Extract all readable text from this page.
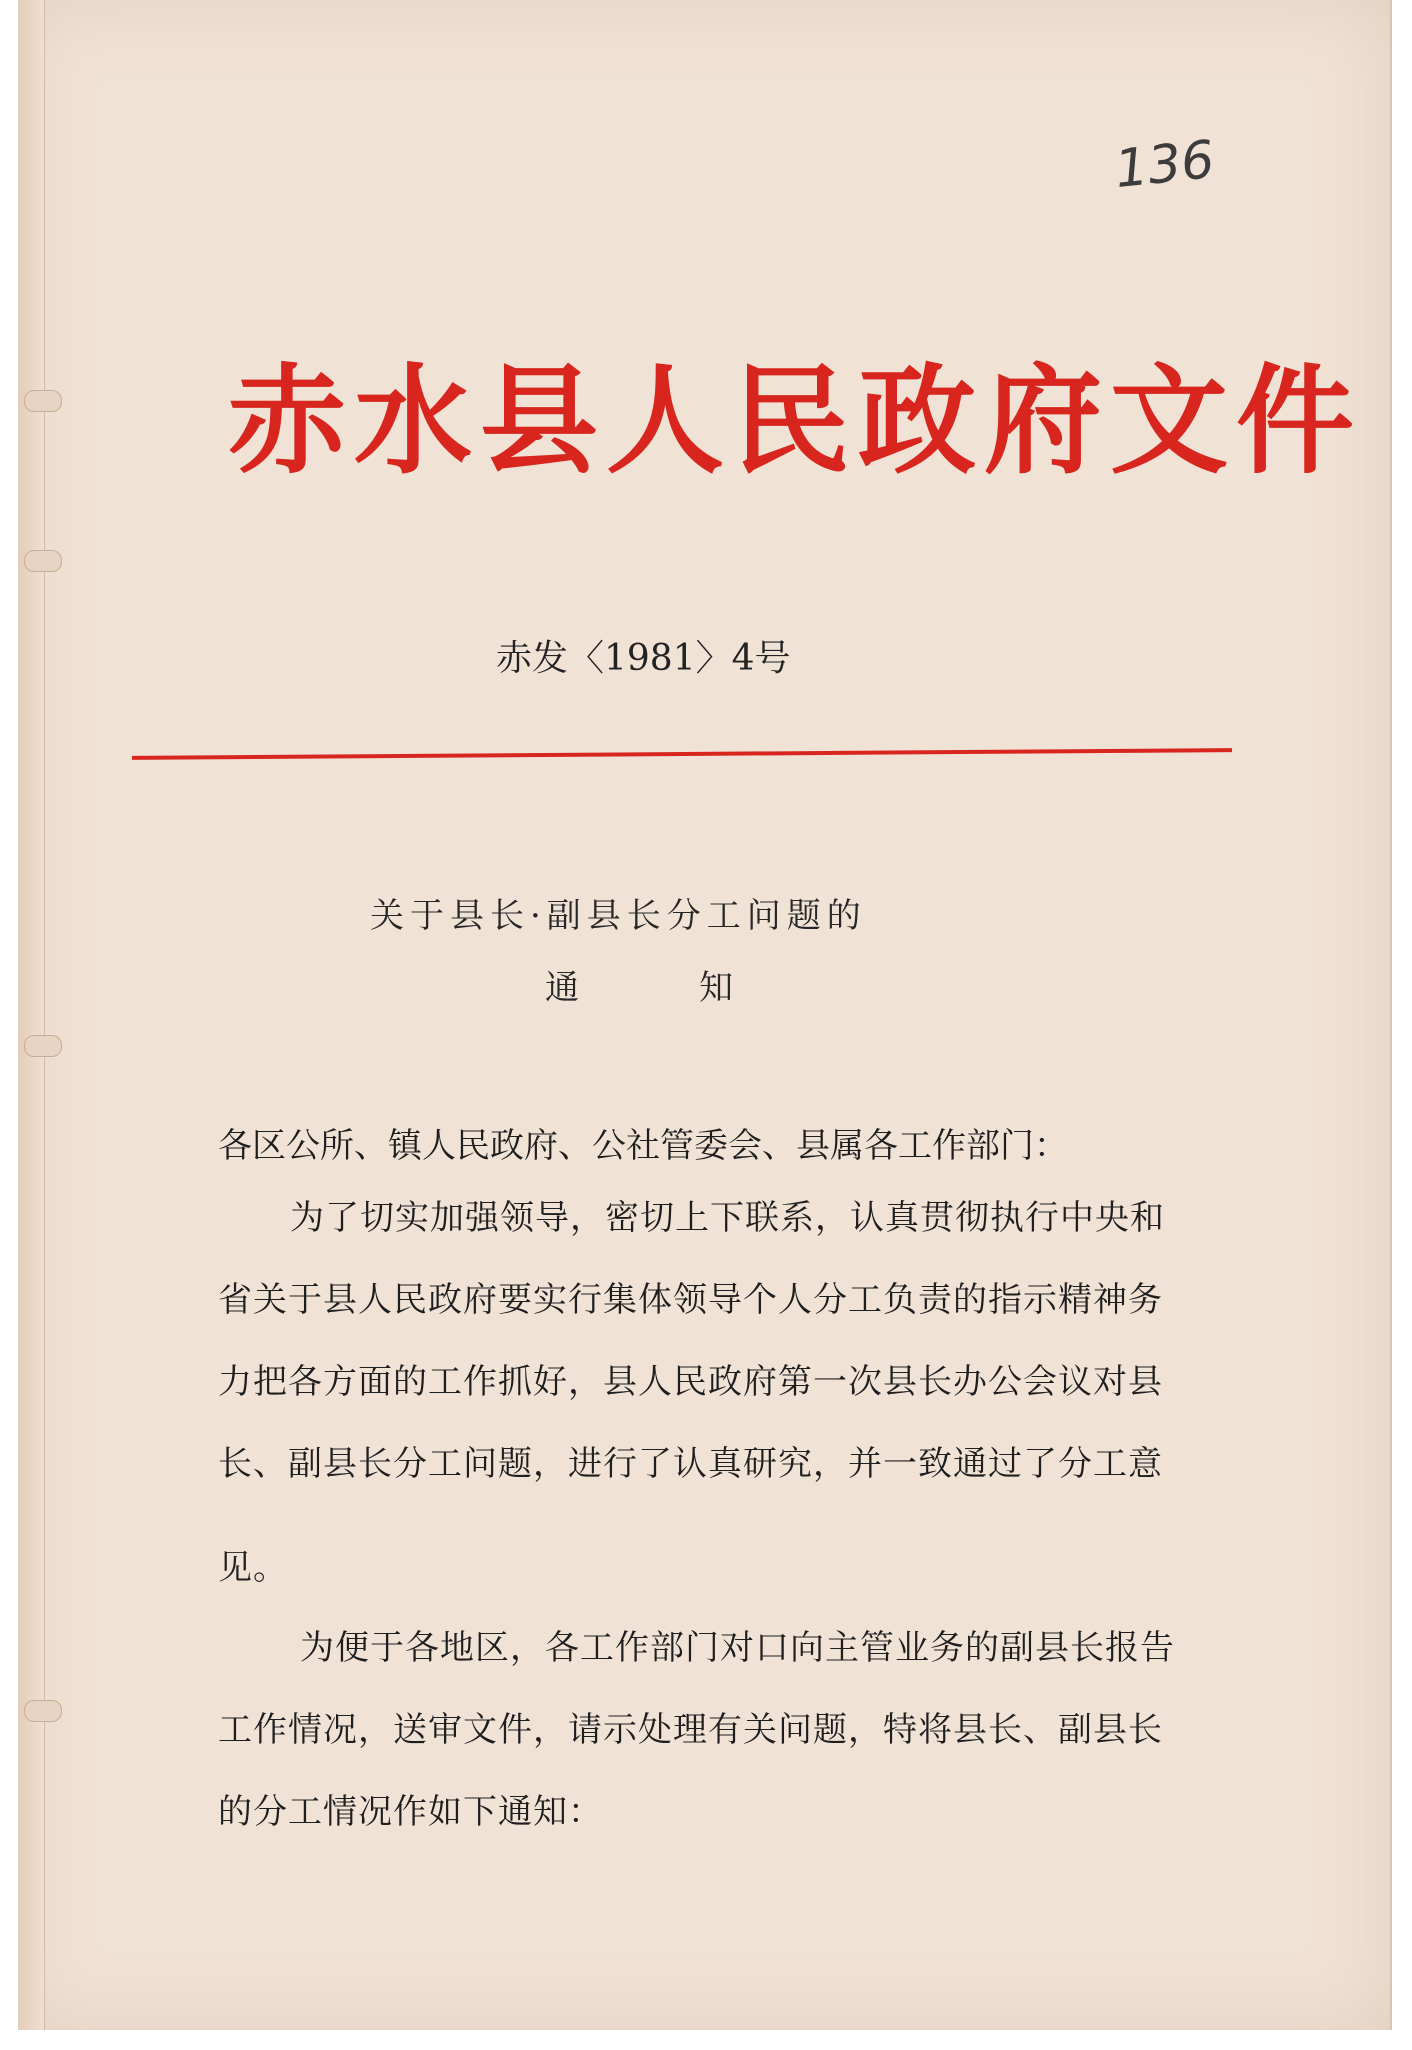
136
赤水县人民政府文件
赤发〈1981〉4号
关于县长·副县长分工问题的
通知
各区公所、镇人民政府、公社管委会、县属各工作部门：
为了切实加强领导，密切上下联系，认真贯彻执行中央和
省关于县人民政府要实行集体领导个人分工负责的指示精神务
力把各方面的工作抓好，县人民政府第一次县长办公会议对县
长、副县长分工问题，进行了认真研究，并一致通过了分工意
见。
为便于各地区，各工作部门对口向主管业务的副县长报告
工作情况，送审文件，请示处理有关问题，特将县长、副县长
的分工情况作如下通知：
